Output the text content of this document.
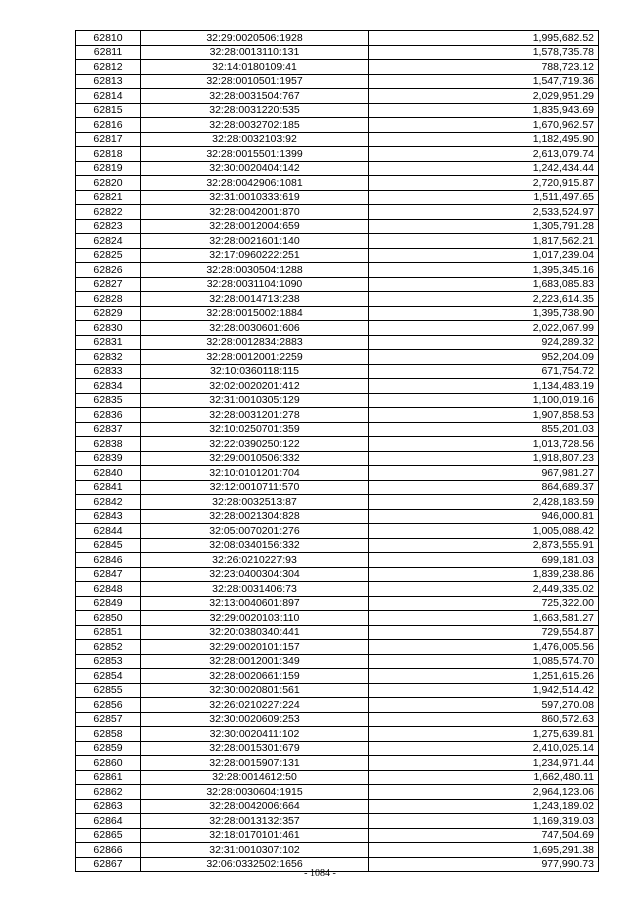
62810	32:29:0020506:1928	1,995,682.52
62811	32:28:0013110:131	1,578,735.78
62812	32:14:0180109:41	788,723.12
62813	32:28:0010501:1957	1,547,719.36
62814	32:28:0031504:767	2,029,951.29
62815	32:28:0031220:535	1,835,943.69
62816	32:28:0032702:185	1,670,962.57
62817	32:28:0032103:92	1,182,495.90
62818	32:28:0015501:1399	2,613,079.74
62819	32:30:0020404:142	1,242,434.44
62820	32:28:0042906:1081	2,720,915.87
62821	32:31:0010333:619	1,511,497.65
62822	32:28:0042001:870	2,533,524.97
62823	32:28:0012004:659	1,305,791.28
62824	32:28:0021601:140	1,817,562.21
62825	32:17:0960222:251	1,017,239.04
62826	32:28:0030504:1288	1,395,345.16
62827	32:28:0031104:1090	1,683,085.83
62828	32:28:0014713:238	2,223,614.35
62829	32:28:0015002:1884	1,395,738.90
62830	32:28:0030601:606	2,022,067.99
62831	32:28:0012834:2883	924,289.32
62832	32:28:0012001:2259	952,204.09
62833	32:10:0360118:115	671,754.72
62834	32:02:0020201:412	1,134,483.19
62835	32:31:0010305:129	1,100,019.16
62836	32:28:0031201:278	1,907,858.53
62837	32:10:0250701:359	855,201.03
62838	32:22:0390250:122	1,013,728.56
62839	32:29:0010506:332	1,918,807.23
62840	32:10:0101201:704	967,981.27
62841	32:12:0010711:570	864,689.37
62842	32:28:0032513:87	2,428,183.59
62843	32:28:0021304:828	946,000.81
62844	32:05:0070201:276	1,005,088.42
62845	32:08:0340156:332	2,873,555.91
62846	32:26:0210227:93	699,181.03
62847	32:23:0400304:304	1,839,238.86
62848	32:28:0031406:73	2,449,335.02
62849	32:13:0040601:897	725,322.00
62850	32:29:0020103:110	1,663,581.27
62851	32:20:0380340:441	729,554.87
62852	32:29:0020101:157	1,476,005.56
62853	32:28:0012001:349	1,085,574.70
62854	32:28:0020661:159	1,251,615.26
62855	32:30:0020801:561	1,942,514.42
62856	32:26:0210227:224	597,270.08
62857	32:30:0020609:253	860,572.63
62858	32:30:0020411:102	1,275,639.81
62859	32:28:0015301:679	2,410,025.14
62860	32:28:0015907:131	1,234,971.44
62861	32:28:0014612:50	1,662,480.11
62862	32:28:0030604:1915	2,964,123.06
62863	32:28:0042006:664	1,243,189.02
62864	32:28:0013132:357	1,169,319.03
62865	32:18:0170101:461	747,504.69
62866	32:31:0010307:102	1,695,291.38
62867	32:06:0332502:1656	977,990.73
- 1084 -
